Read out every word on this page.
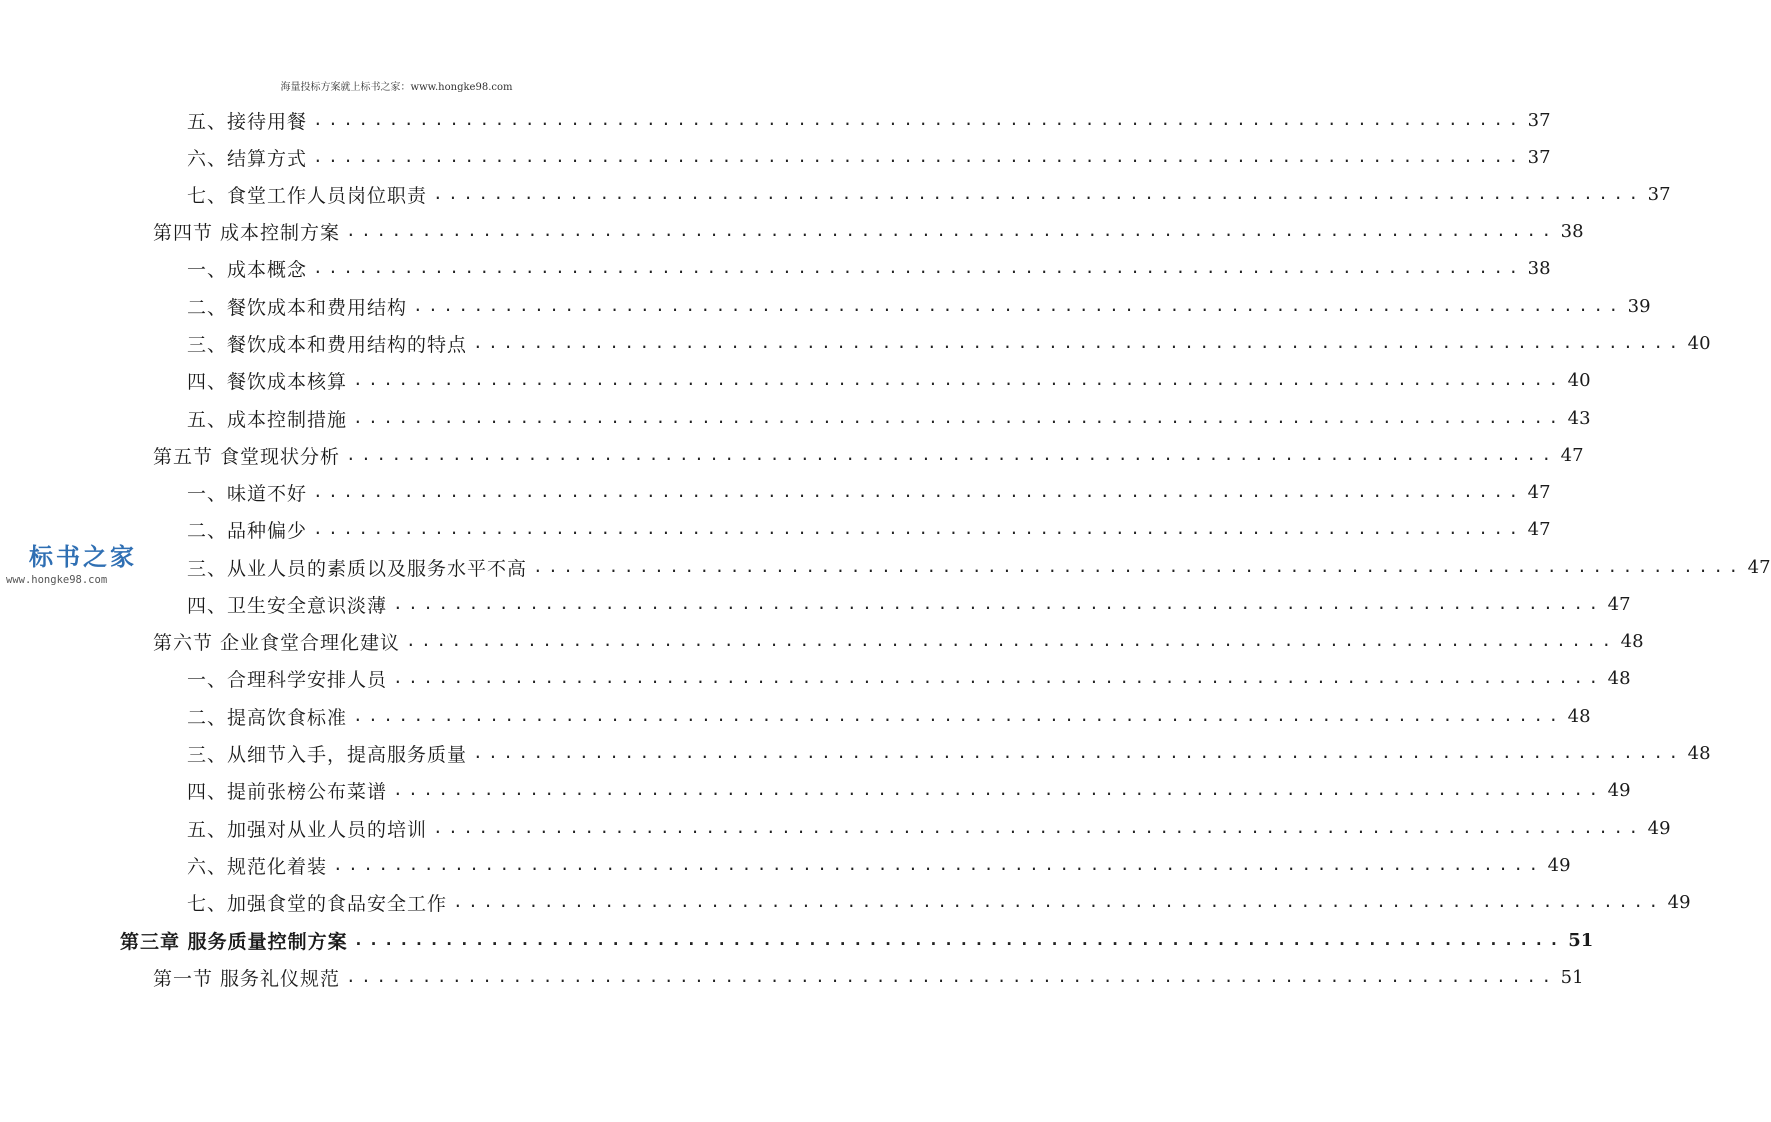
海量投标方案就上标书之家：www.hongke98.com
五、接待用餐 ................................................................................ 37
六、结算方式 ................................................................................ 37
七、食堂工作人员岗位职责 ................................................................................ 37
第四节 成本控制方案 ................................................................................ 38
一、成本概念 ................................................................................ 38
二、餐饮成本和费用结构 ................................................................................ 39
三、餐饮成本和费用结构的特点 ................................................................................ 40
四、餐饮成本核算 ................................................................................ 40
五、成本控制措施 ................................................................................ 43
第五节 食堂现状分析 ................................................................................ 47
一、味道不好 ................................................................................ 47
二、品种偏少 ................................................................................ 47
三、从业人员的素质以及服务水平不高 ................................................................................ 47
四、卫生安全意识淡薄 ................................................................................ 47
第六节 企业食堂合理化建议 ................................................................................ 48
一、合理科学安排人员 ................................................................................ 48
二、提高饮食标准 ................................................................................ 48
三、从细节入手，提高服务质量 ................................................................................ 48
四、提前张榜公布菜谱 ................................................................................ 49
五、加强对从业人员的培训 ................................................................................ 49
六、规范化着装 ................................................................................ 49
七、加强食堂的食品安全工作 ................................................................................ 49
第三章 服务质量控制方案 ................................................................................ 51
第一节 服务礼仪规范 ................................................................................ 51
标书之家
www.hongke98.com
